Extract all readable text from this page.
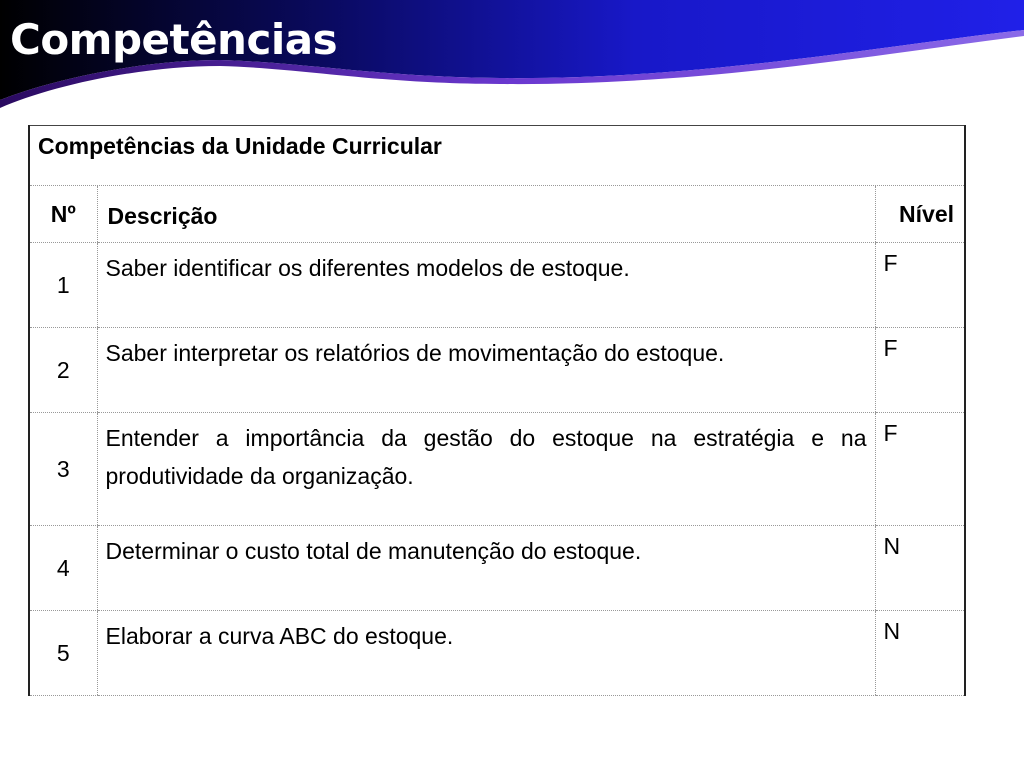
Competências
Competências da Unidade Curricular		
Nº	Descrição	Nível
1	Saber identificar os diferentes modelos de estoque.	F
2	Saber interpretar os relatórios de movimentação do estoque.	F
3	Entender a importância da gestão do estoque na estratégia e na produtividade da organização.	F
4	Determinar o custo total de manutenção do estoque.	N
5	Elaborar a curva ABC do estoque.	N
